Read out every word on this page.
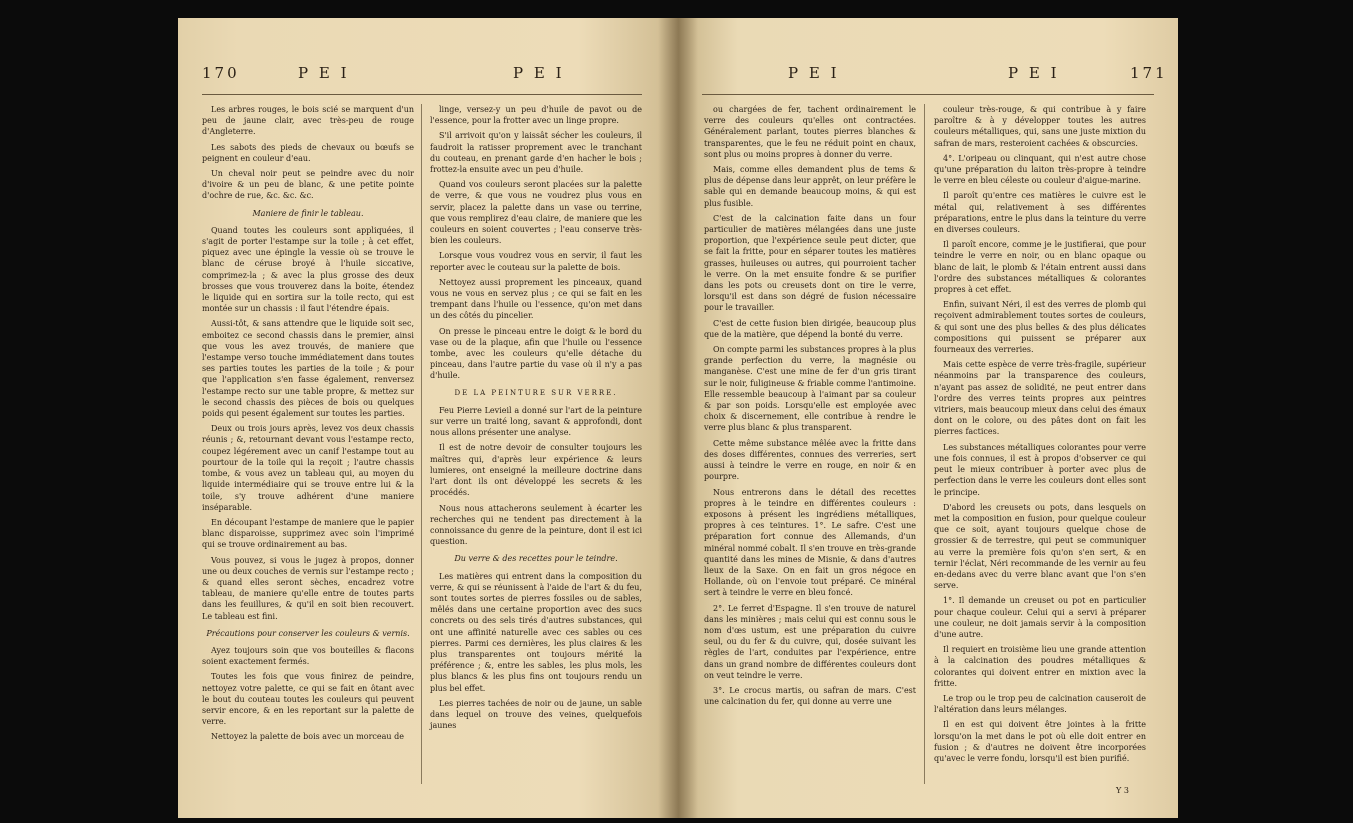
170	P E I	P E I

Les arbres rouges, le bois scié se marquent d'un peu de jaune clair, avec très-peu de rouge d'Angleterre.

Les sabots des pieds de chevaux ou bœufs se peignent en couleur d'eau.

Un cheval noir peut se peindre avec du noir d'ivoire & un peu de blanc, & une petite pointe d'ochre de rue, &c. &c. &c.

Maniere de finir le tableau.

Quand toutes les couleurs sont appliquées, il s'agit de porter l'estampe sur la toile ; à cet effet, piquez avec une épingle la vessie où se trouve le blanc de céruse broyé à l'huile siccative, comprimez-la ; & avec la plus grosse des deux brosses que vous trouverez dans la boite, étendez le liquide qui en sortira sur la toile recto, qui est montée sur un chassis : il faut l'étendre épais.

Aussi-tôt, & sans attendre que le liquide soit sec, emboitez ce second chassis dans le premier, ainsi que vous les avez trouvés, de maniere que l'estampe verso touche immédiatement dans toutes ses parties toutes les parties de la toile ; & pour que l'application s'en fasse également, renversez l'estampe recto sur une table propre, & mettez sur le second chassis des pièces de bois ou quelques poids qui pesent également sur toutes les parties.

Deux ou trois jours après, levez vos deux chassis réunis ; &, retournant devant vous l'estampe recto, coupez légérement avec un canif l'estampe tout au pourtour de la toile qui la reçoit ; l'autre chassis tombe, & vous avez un tableau qui, au moyen du liquide intermédiaire qui se trouve entre lui & la toile, s'y trouve adhérent d'une maniere inséparable.

En découpant l'estampe de maniere que le papier blanc disparoisse, supprimez avec soin l'imprimé qui se trouve ordinairement au bas.

Vous pouvez, si vous le jugez à propos, donner une ou deux couches de vernis sur l'estampe recto ; & quand elles seront sèches, encadrez votre tableau, de maniere qu'elle entre de toutes parts dans les feuillures, & qu'il en soit bien recouvert. Le tableau est fini.

Précautions pour conserver les couleurs & vernis.

Ayez toujours soin que vos bouteilles & flacons soient exactement fermés.

Toutes les fois que vous finirez de peindre, nettoyez votre palette, ce qui se fait en ôtant avec le bout du couteau toutes les couleurs qui peuvent servir encore, & en les reportant sur la palette de verre.

Nettoyez la palette de bois avec un morceau de

linge, versez-y un peu d'huile de pavot ou de l'essence, pour la frotter avec un linge propre.

S'il arrivoit qu'on y laissât sécher les couleurs, il faudroit la ratisser proprement avec le tranchant du couteau, en prenant garde d'en hacher le bois ; frottez-la ensuite avec un peu d'huile.

Quand vos couleurs seront placées sur la palette de verre, & que vous ne voudrez plus vous en servir, placez la palette dans un vase ou terrine, que vous remplirez d'eau claire, de maniere que les couleurs en soient couvertes ; l'eau conserve très-bien les couleurs.

Lorsque vous voudrez vous en servir, il faut les reporter avec le couteau sur la palette de bois.

Nettoyez aussi proprement les pinceaux, quand vous ne vous en servez plus ; ce qui se fait en les trempant dans l'huile ou l'essence, qu'on met dans un des côtés du pincelier.

On presse le pinceau entre le doigt & le bord du vase ou de la plaque, afin que l'huile ou l'essence tombe, avec les couleurs qu'elle détache du pinceau, dans l'autre partie du vase où il n'y a pas d'huile.

DE LA PEINTURE SUR VERRE.

Feu Pierre Levieil a donné sur l'art de la peinture sur verre un traité long, savant & approfondi, dont nous allons présenter une analyse.

Il est de notre devoir de consulter toujours les maîtres qui, d'après leur expérience & leurs lumieres, ont enseigné la meilleure doctrine dans l'art dont ils ont développé les secrets & les procédés.

Nous nous attacherons seulement à écarter les recherches qui ne tendent pas directement à la connoissance du genre de la peinture, dont il est ici question.

Du verre & des recettes pour le teindre.

Les matières qui entrent dans la composition du verre, & qui se réunissent à l'aide de l'art & du feu, sont toutes sortes de pierres fossiles ou de sables, mêlés dans une certaine proportion avec des sucs concrets ou des sels tirés d'autres substances, qui ont une affinité naturelle avec ces sables ou ces pierres. Parmi ces dernières, les plus claires & les plus transparentes ont toujours mérité la préférence ; &, entre les sables, les plus mols, les plus blancs & les plus fins ont toujours rendu un plus bel effet.

Les pierres tachées de noir ou de jaune, un sable dans lequel on trouve des veines, quelquefois jaunes

P E I	P E I	171

ou chargées de fer, tachent ordinairement le verre des couleurs qu'elles ont contractées. Généralement parlant, toutes pierres blanches & transparentes, que le feu ne réduit point en chaux, sont plus ou moins propres à donner du verre.

Mais, comme elles demandent plus de tems & plus de dépense dans leur apprêt, on leur préfère le sable qui en demande beaucoup moins, & qui est plus fusible.

C'est de la calcination faite dans un four particulier de matières mélangées dans une juste proportion, que l'expérience seule peut dicter, que se fait la fritte, pour en séparer toutes les matières grasses, huileuses ou autres, qui pourroient tacher le verre. On la met ensuite fondre & se purifier dans les pots ou creusets dont on tire le verre, lorsqu'il est dans son dégré de fusion nécessaire pour le travailler.

C'est de cette fusion bien dirigée, beaucoup plus que de la matière, que dépend la bonté du verre.

On compte parmi les substances propres à la plus grande perfection du verre, la magnésie ou manganèse. C'est une mine de fer d'un gris tirant sur le noir, fuligineuse & friable comme l'antimoine. Elle ressemble beaucoup à l'aimant par sa couleur & par son poids. Lorsqu'elle est employée avec choix & discernement, elle contribue à rendre le verre plus blanc & plus transparent.

Cette même substance mêlée avec la fritte dans des doses différentes, connues des verreries, sert aussi à teindre le verre en rouge, en noir & en pourpre.

Nous entrerons dans le détail des recettes propres à le teindre en différentes couleurs : exposons à présent les ingrédiens métalliques, propres à ces teintures. 1°. Le safre. C'est une préparation fort connue des Allemands, d'un minéral nommé cobalt. Il s'en trouve en très-grande quantité dans les mines de Misnie, & dans d'autres lieux de la Saxe. On en fait un gros négoce en Hollande, où on l'envoie tout préparé. Ce minéral sert à teindre le verre en bleu foncé.

2°. Le ferret d'Espagne. Il s'en trouve de naturel dans les minières ; mais celui qui est connu sous le nom d'œs ustum, est une préparation du cuivre seul, ou du fer & du cuivre, qui, dosée suivant les règles de l'art, conduites par l'expérience, entre dans un grand nombre de différentes couleurs dont on veut teindre le verre.

3°. Le crocus martis, ou safran de mars. C'est une calcination du fer, qui donne au verre une

couleur très-rouge, & qui contribue à y faire paroître & à y développer toutes les autres couleurs métalliques, qui, sans une juste mixtion du safran de mars, resteroient cachées & obscurcies.

4°. L'oripeau ou clinquant, qui n'est autre chose qu'une préparation du laiton très-propre à teindre le verre en bleu céleste ou couleur d'aigue-marine.

Il paroît qu'entre ces matières le cuivre est le métal qui, relativement à ses différentes préparations, entre le plus dans la teinture du verre en diverses couleurs.

Il paroît encore, comme je le justifierai, que pour teindre le verre en noir, ou en blanc opaque ou blanc de lait, le plomb & l'étain entrent aussi dans l'ordre des substances métalliques & colorantes propres à cet effet.

Enfin, suivant Néri, il est des verres de plomb qui reçoivent admirablement toutes sortes de couleurs, & qui sont une des plus belles & des plus délicates compositions qui puissent se préparer aux fourneaux des verreries.

Mais cette espèce de verre très-fragile, supérieur néanmoins par la transparence des couleurs, n'ayant pas assez de solidité, ne peut entrer dans l'ordre des verres teints propres aux peintres vitriers, mais beaucoup mieux dans celui des émaux dont on le colore, ou des pâtes dont on fait les pierres factices.

Les substances métalliques colorantes pour verre une fois connues, il est à propos d'observer ce qui peut le mieux contribuer à porter avec plus de perfection dans le verre les couleurs dont elles sont le principe.

D'abord les creusets ou pots, dans lesquels on met la composition en fusion, pour quelque couleur que ce soit, ayant toujours quelque chose de grossier & de terrestre, qui peut se communiquer au verre la première fois qu'on s'en sert, & en ternir l'éclat, Néri recommande de les vernir au feu en-dedans avec du verre blanc avant que l'on s'en serve.

1°. Il demande un creuset ou pot en particulier pour chaque couleur. Celui qui a servi à préparer une couleur, ne doit jamais servir à la composition d'une autre.

Il requiert en troisième lieu une grande attention à la calcination des poudres métalliques & colorantes qui doivent entrer en mixtion avec la fritte.

Le trop ou le trop peu de calcination causeroit de l'altération dans leurs mélanges.

Il en est qui doivent être jointes à la fritte lorsqu'on la met dans le pot où elle doit entrer en fusion ; & d'autres ne doivent être incorporées qu'avec le verre fondu, lorsqu'il est bien purifié.

Y 3
